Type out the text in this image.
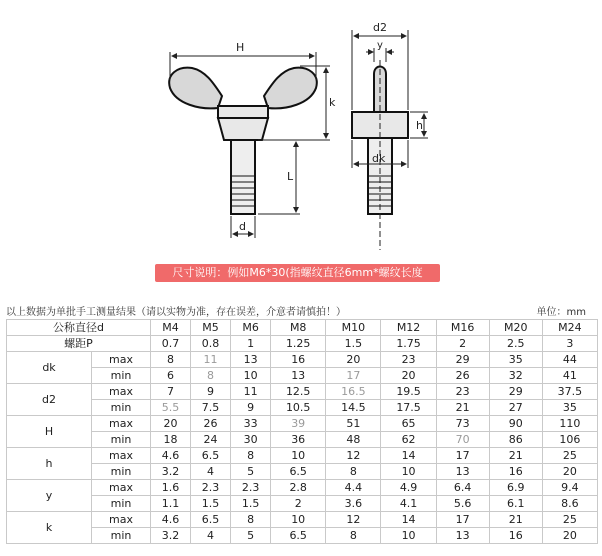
H
k
L
d
d2
y
h
dk
尺寸说明：例如M6*30(指螺纹直径6mm*螺纹长度30mm
以上数据为单批手工测量结果（请以实物为准，存在误差，介意者请慎拍！）	单位：mm
公称直径d		M4	M5	M6	M8	M10	M12	M16	M20	M24
螺距P		0.7	0.8	1	1.25	1.5	1.75	2	2.5	3
dk	max	8	11	13	16	20	23	29	35	44
	min	6	8	10	13	17	20	26	32	41
d2	max	7	9	11	12.5	16.5	19.5	23	29	37.5
	min	5.5	7.5	9	10.5	14.5	17.5	21	27	35
H	max	20	26	33	39	51	65	73	90	110
	min	18	24	30	36	48	62	70	86	106
h	max	4.6	6.5	8	10	12	14	17	21	25
	min	3.2	4	5	6.5	8	10	13	16	20
y	max	1.6	2.3	2.3	2.8	4.4	4.9	6.4	6.9	9.4
	min	1.1	1.5	1.5	2	3.6	4.1	5.6	6.1	8.6
k	max	4.6	6.5	8	10	12	14	17	21	25
	min	3.2	4	5	6.5	8	10	13	16	20
